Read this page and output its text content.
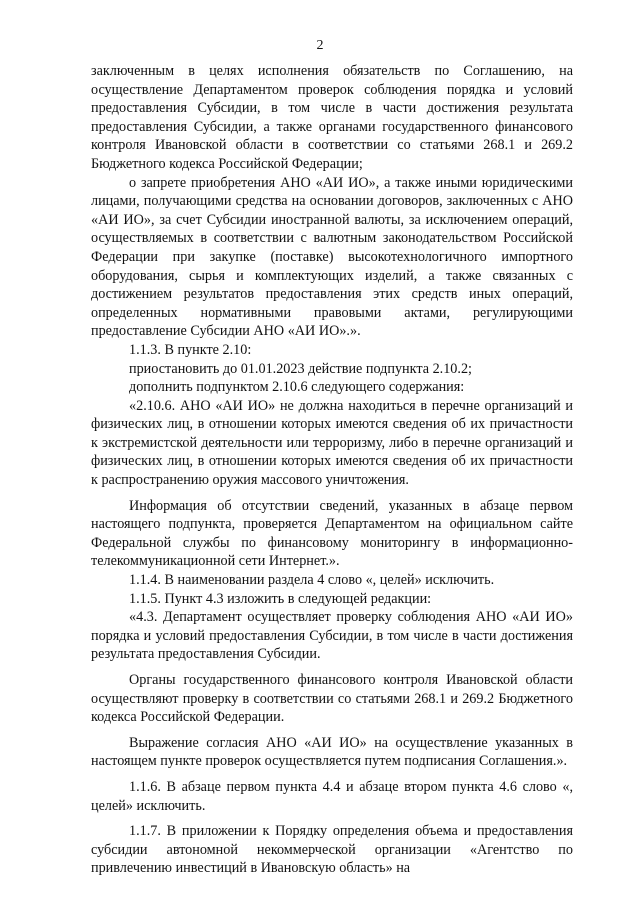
2

заключенным в целях исполнения обязательств по Соглашению, на осуществление Департаментом проверок соблюдения порядка и условий предоставления Субсидии, в том числе в части достижения результата предоставления Субсидии, а также органами государственного финансового контроля Ивановской области в соответствии со статьями 268.1 и 269.2 Бюджетного кодекса Российской Федерации;

о запрете приобретения АНО «АИ ИО», а также иными юридическими лицами, получающими средства на основании договоров, заключенных с АНО «АИ ИО», за счет Субсидии иностранной валюты, за исключением операций, осуществляемых в соответствии с валютным законодательством Российской Федерации при закупке (поставке) высокотехнологичного импортного оборудования, сырья и комплектующих изделий, а также связанных с достижением результатов предоставления этих средств иных операций, определенных нормативными правовыми актами, регулирующими предоставление Субсидии АНО «АИ ИО».».

1.1.3. В пункте 2.10:

приостановить до 01.01.2023 действие подпункта 2.10.2;

дополнить подпунктом 2.10.6 следующего содержания:

«2.10.6. АНО «АИ ИО» не должна находиться в перечне организаций и физических лиц, в отношении которых имеются сведения об их причастности к экстремистской деятельности или терроризму, либо в перечне организаций и физических лиц, в отношении которых имеются сведения об их причастности к распространению оружия массового уничтожения.

Информация об отсутствии сведений, указанных в абзаце первом настоящего подпункта, проверяется Департаментом на официальном сайте Федеральной службы по финансовому мониторингу в информационно-телекоммуникационной сети Интернет.».

1.1.4. В наименовании раздела 4 слово «, целей» исключить.

1.1.5. Пункт 4.3 изложить в следующей редакции:

«4.3. Департамент осуществляет проверку соблюдения АНО «АИ ИО» порядка и условий предоставления Субсидии, в том числе в части достижения результата предоставления Субсидии.

Органы государственного финансового контроля Ивановской области осуществляют проверку в соответствии со статьями 268.1 и 269.2 Бюджетного кодекса Российской Федерации.

Выражение согласия АНО «АИ ИО» на осуществление указанных в настоящем пункте проверок осуществляется путем подписания Соглашения.».

1.1.6. В абзаце первом пункта 4.4 и абзаце втором пункта 4.6 слово «, целей» исключить.

1.1.7. В приложении к Порядку определения объема и предоставления субсидии автономной некоммерческой организации «Агентство по привлечению инвестиций в Ивановскую область» на
